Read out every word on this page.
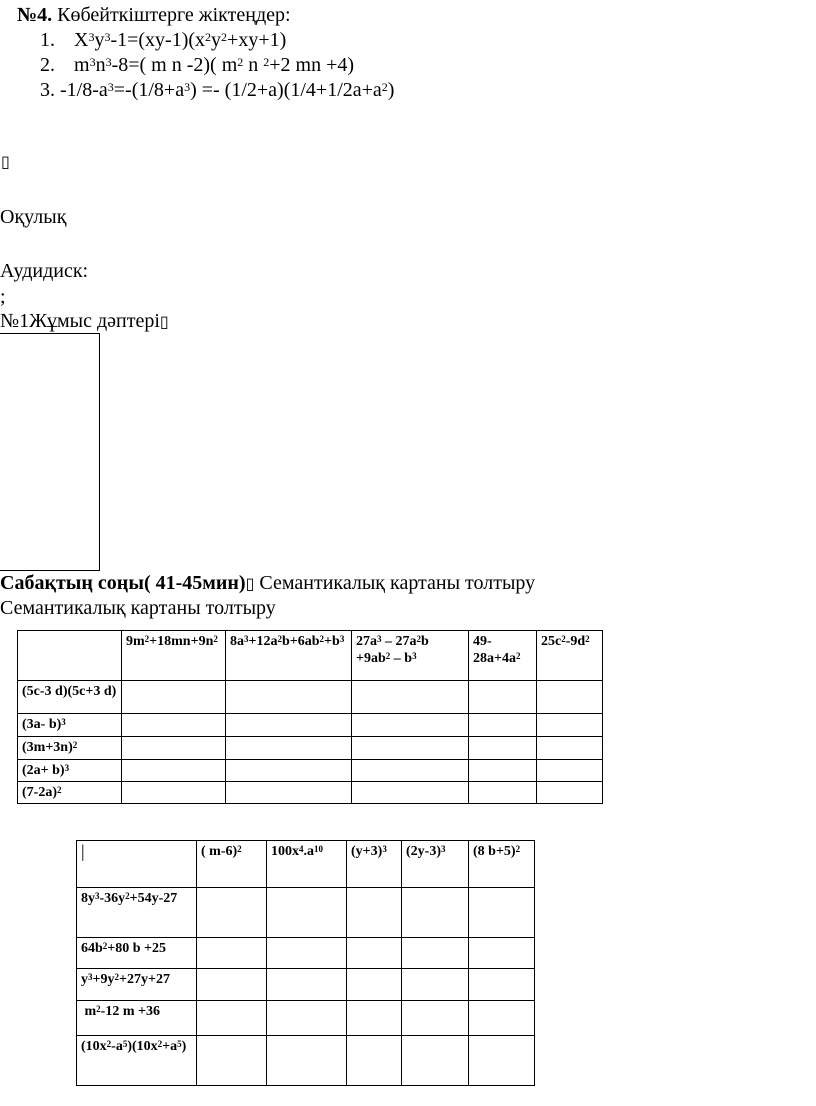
№4. Көбейткіштерге жіктеңдер:
1. $X^3y^3-1=(xy-1)(x^2y^2+xy+1)$
2. $m^3n^3-8=$( m n -2)( $m^2$ n $^2$+2 mn +4)
3. $-1/8-a^3=-(1/8+a^3) =- (1/2+a)(1/4+1/2a+a^2)$
▯
Оқулық
Аудидиск:
;
№1Жұмыс дәптері▯
Сабақтың соңы( 41-45мин)▯ Семантикалық картаны толтыру
Семантикалық картаны толтыру
	$9m^2+18mn+9n^2$	$8a^3+12a^2b+6ab^2+b^3$	$27a^3 - 27a^2b +9ab^2 - b^3$	$49-28a+4a^2$	$25c^2-9d^2$
(5c-3 d)(5c+3 d)					
(3a- b)$^3$					
$(3m+3n)^2$					
$(2a+ b)^3$					
$(7-2a)^2$					
|	( m-6)$^2$	$100x^4.a^{10}$	$(y+3)^3$	$(2y-3)^3$	(8 b+5)$^2$
$8y^3-36y^2+54y-27$					
$64b^2+80$ b +25					
$y^3+9y^2+27y+27$					
$m^2-12$ m +36					
$(10x^2-a^5)(10x^2+a^5)$					
